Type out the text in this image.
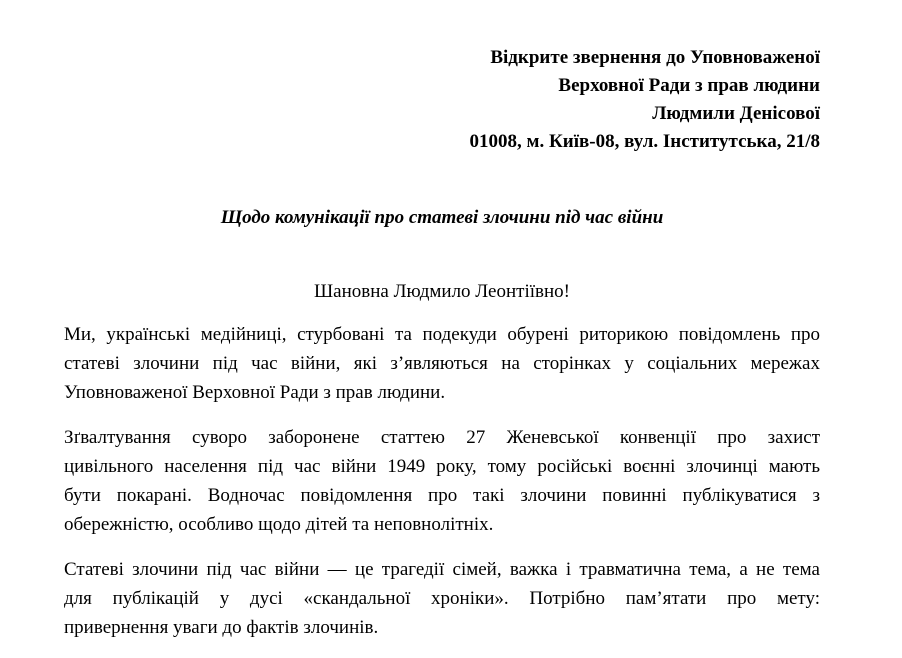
Відкрите звернення до Уповноваженої
Верховної Ради з прав людини
Людмили Денісової
01008, м. Київ-08, вул. Інститутська, 21/8
Щодо комунікації про статеві злочини під час війни
Шановна Людмило Леонтіївно!
Ми, українські медійниці, стурбовані та подекуди обурені риторикою повідомлень про
статеві злочини під час війни, які з’являються на сторінках у соціальних мережах
Уповноваженої Верховної Ради з прав людини.
Зґвалтування суворо заборонене статтею 27 Женевської конвенції про захист
цивільного населення під час війни 1949 року, тому російські воєнні злочинці мають
бути покарані. Водночас повідомлення про такі злочини повинні публікуватися з
обережністю, особливо щодо дітей та неповнолітніх.
Статеві злочини під час війни — це трагедії сімей, важка і травматична тема, а не тема
для публікацій у дусі «скандальної хроніки». Потрібно пам’ятати про мету:
привернення уваги до фактів злочинів.
